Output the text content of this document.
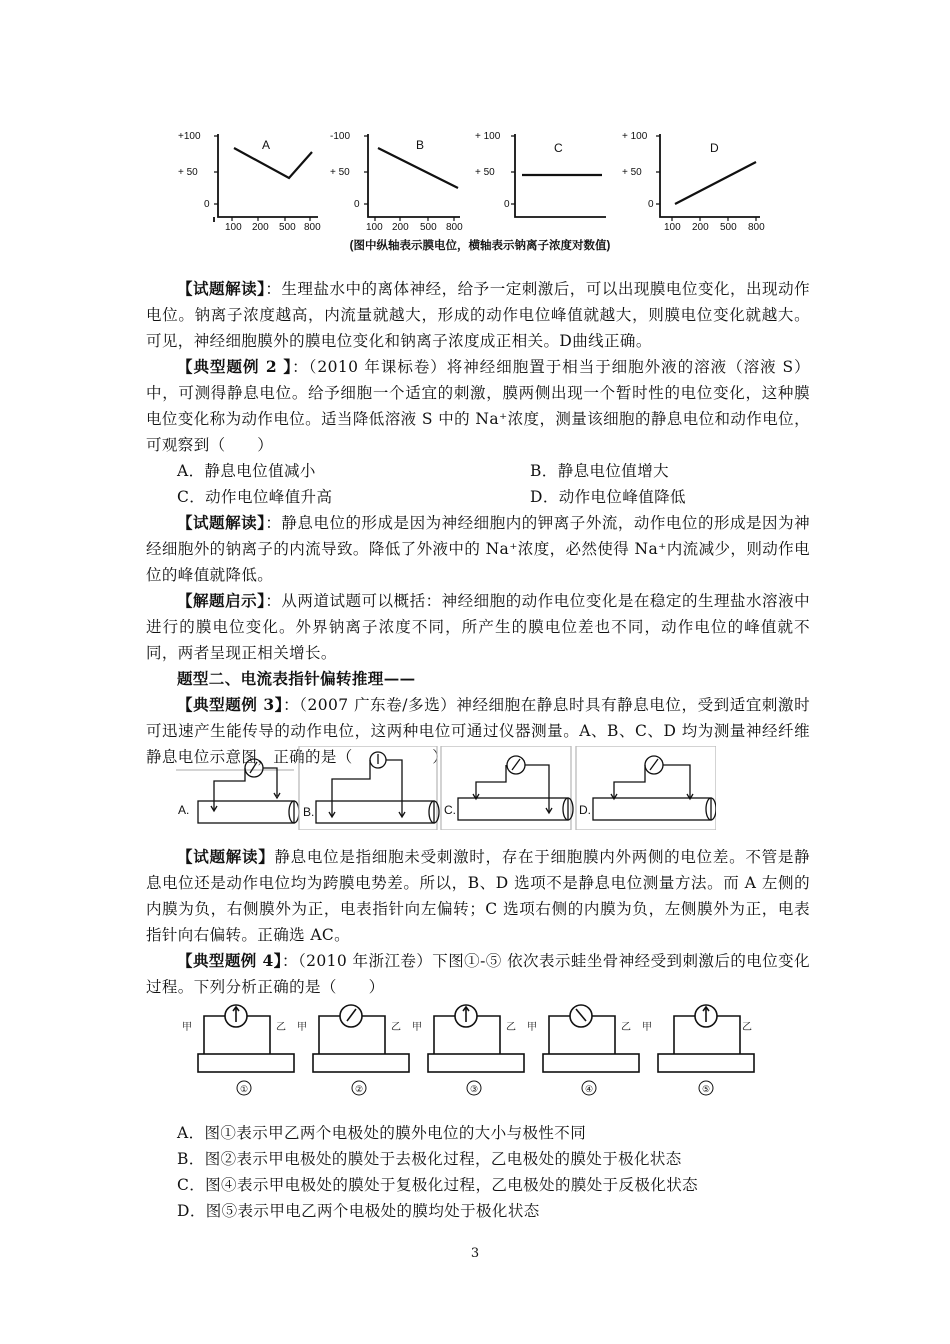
+100
+ 50
0
A
100 200 500 800
-100
+ 50
0
B
100 200 500 800
+ 100
+ 50
0
C
+ 100
+ 50
0
D
100 200 500 800
(图中纵轴表示膜电位，横轴表示钠离子浓度对数值)
【试题解读】：生理盐水中的离体神经，给予一定刺激后，可以出现膜电位变化，出现动作电位。钠离子浓度越高，内流量就越大，形成的动作电位峰值就越大，则膜电位变化就越大。可见，神经细胞膜外的膜电位变化和钠离子浓度成正相关。D曲线正确。
【典型题例 2 】：（2010 年课标卷）将神经细胞置于相当于细胞外液的溶液（溶液 S）中，可测得静息电位。给予细胞一个适宜的刺激，膜两侧出现一个暂时性的电位变化，这种膜电位变化称为动作电位。适当降低溶液 S 中的 Na⁺浓度，测量该细胞的静息电位和动作电位，可观察到（　　）
A．静息电位值减小	B．静息电位值增大
C．动作电位峰值升高	D．动作电位峰值降低
【试题解读】：静息电位的形成是因为神经细胞内的钾离子外流，动作电位的形成是因为神经细胞外的钠离子的内流导致。降低了外液中的 Na⁺浓度，必然使得 Na⁺内流减少，则动作电位的峰值就降低。
【解题启示】：从两道试题可以概括：神经细胞的动作电位变化是在稳定的生理盐水溶液中进行的膜电位变化。外界钠离子浓度不同，所产生的膜电位差也不同，动作电位的峰值就不同，两者呈现正相关增长。
题型二、电流表指针偏转推理——
【典型题例 3】：（2007 广东卷/多选）神经细胞在静息时具有静息电位，受到适宜刺激时可迅速产生能传导的动作电位，这两种电位可通过仪器测量。A、B、C、D 均为测量神经纤维静息电位示意图，正确的是（　　　　　）
A.	B.	C.	D.
【试题解读】静息电位是指细胞未受刺激时，存在于细胞膜内外两侧的电位差。不管是静息电位还是动作电位均为跨膜电势差。所以，B、D 选项不是静息电位测量方法。而 A 左侧的内膜为负，右侧膜外为正，电表指针向左偏转；C 选项右侧的内膜为负，左侧膜外为正，电表指针向右偏转。正确选 AC。
【典型题例 4】：（2010 年浙江卷）下图①-⑤ 依次表示蛙坐骨神经受到刺激后的电位变化过程。下列分析正确的是（　　）
甲	乙 甲	乙 甲	乙 甲	乙 甲	乙
①	②	③	④	⑤
A．图①表示甲乙两个电极处的膜外电位的大小与极性不同
B．图②表示甲电极处的膜处于去极化过程，乙电极处的膜处于极化状态
C．图④表示甲电极处的膜处于复极化过程，乙电极处的膜处于反极化状态
D．图⑤表示甲电乙两个电极处的膜均处于极化状态
3
